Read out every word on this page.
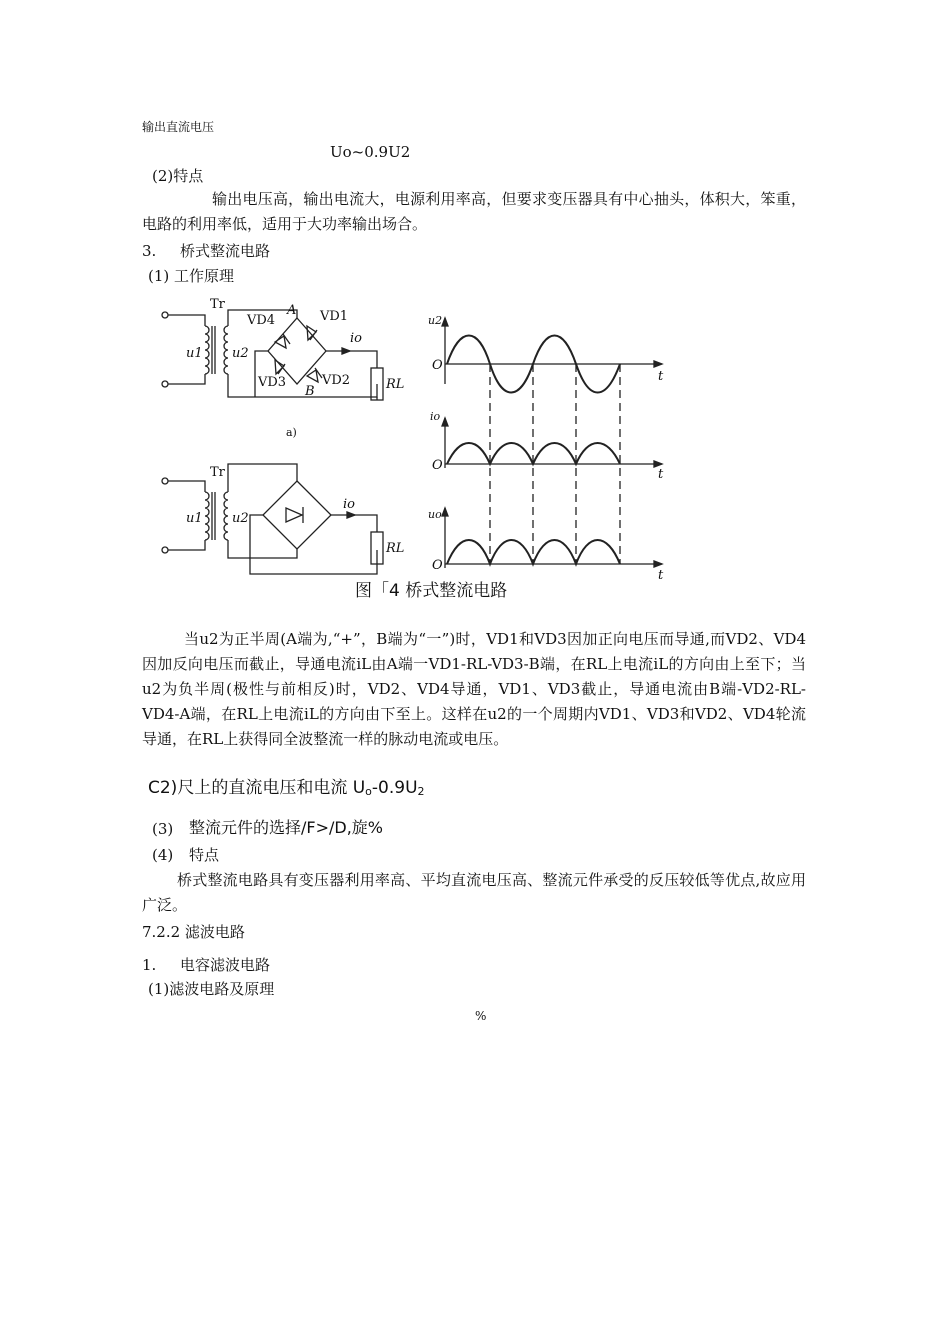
输出直流电压
Uo~0.9U2
(2)特点
输出电压高，输出电流大，电源利用率高，但要求变压器具有中心抽头，体积大，笨重，电路的利用率低，适用于大功率输出场合。
3. 桥式整流电路
(1) 工作原理
Tr
u1 u2
VD4
A VD1
io
VD3
B
VD2	RL
a)
Tr
u1 u2
io
RL
u2
O
t
io
O
t
uo
O
t
图「4 桥式整流电路
当u2为正半周(A端为,“+”，B端为“一”)时，VD1和VD3因加正向电压而导通,而VD2、VD4因加反向电压而截止，导通电流iL由A端一VD1-RL-VD3-B端，在RL上电流iL的方向由上至下；当u2为负半周(极性与前相反)时，VD2、VD4导通，VD1、VD3截止，导通电流由B端-VD2-RL-VD4-A端，在RL上电流iL的方向由下至上。这样在u2的一个周期内VD1、VD3和VD2、VD4轮流导通，在RL上获得同全波整流一样的脉动电流或电压。
C2)尺上的直流电压和电流 $U_o-0.9U_2$
(3) 整流元件的选择/F>/D,旋%
(4) 特点
桥式整流电路具有变压器利用率高、平均直流电压高、整流元件承受的反压较低等优点,故应用广泛。
7.2.2 滤波电路
1. 电容滤波电路
(1)滤波电路及原理
%
